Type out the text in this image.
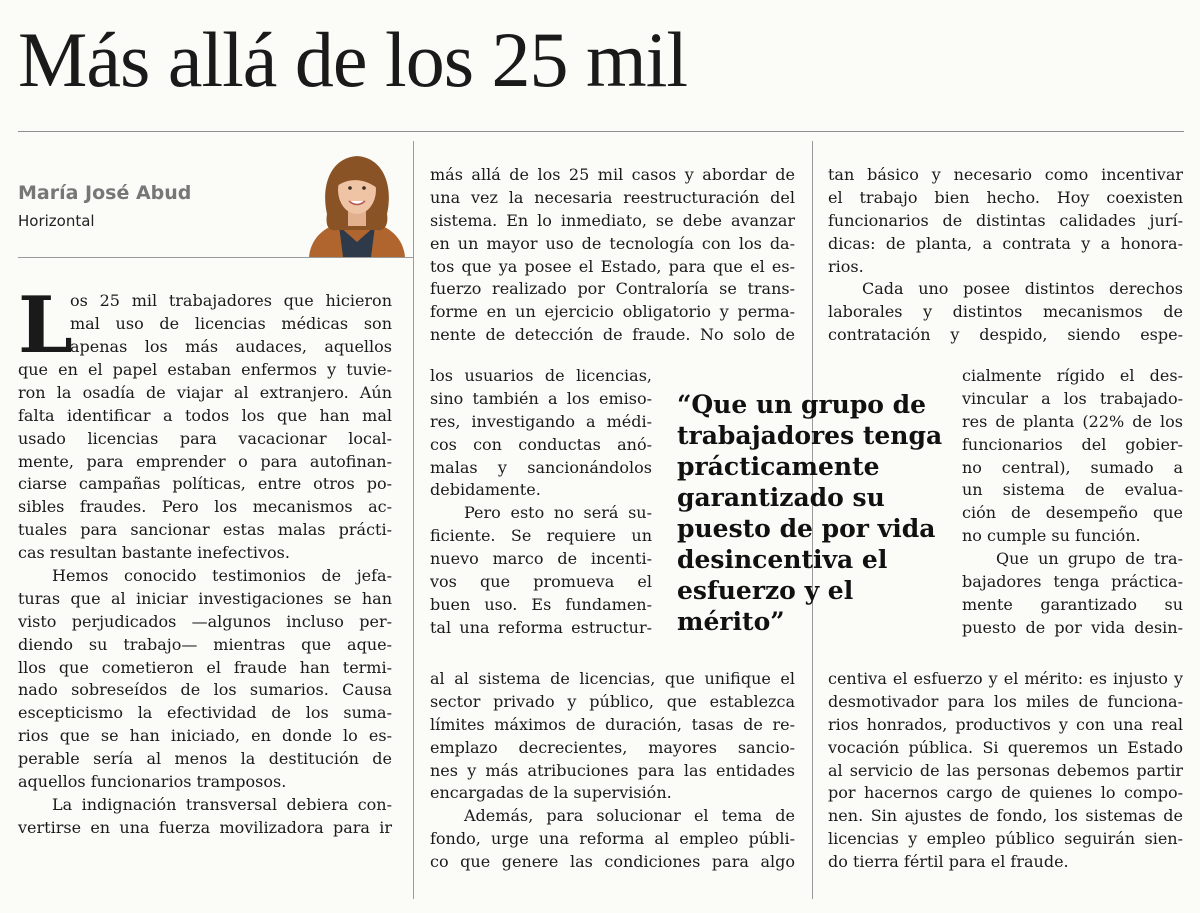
Más allá de los 25 mil
María José Abud
Horizontal
L
os 25 mil trabajadores que hicieron
mal uso de licencias médicas son
apenas los más audaces, aquellos
que en el papel estaban enfermos y tuvie-
ron la osadía de viajar al extranjero. Aún
falta identificar a todos los que han mal
usado licencias para vacacionar local-
mente, para emprender o para autofinan-
ciarse campañas políticas, entre otros po-
sibles fraudes. Pero los mecanismos ac-
tuales para sancionar estas malas prácti-
cas resultan bastante inefectivos.
Hemos conocido testimonios de jefa-
turas que al iniciar investigaciones se han
visto perjudicados —algunos incluso per-
diendo su trabajo— mientras que aque-
llos que cometieron el fraude han termi-
nado sobreseídos de los sumarios. Causa
escepticismo la efectividad de los suma-
rios que se han iniciado, en donde lo es-
perable sería al menos la destitución de
aquellos funcionarios tramposos.
La indignación transversal debiera con-
vertirse en una fuerza movilizadora para ir
más allá de los 25 mil casos y abordar de
una vez la necesaria reestructuración del
sistema. En lo inmediato, se debe avanzar
en un mayor uso de tecnología con los da-
tos que ya posee el Estado, para que el es-
fuerzo realizado por Contraloría se trans-
forme en un ejercicio obligatorio y perma-
nente de detección de fraude. No solo de
los usuarios de licencias,
sino también a los emiso-
res, investigando a médi-
cos con conductas anó-
malas y sancionándolos
debidamente.
Pero esto no será su-
ficiente. Se requiere un
nuevo marco de incenti-
vos que promueva el
buen uso. Es fundamen-
tal una reforma estructur-
al al sistema de licencias, que unifique el
sector privado y público, que establezca
límites máximos de duración, tasas de re-
emplazo decrecientes, mayores sancio-
nes y más atribuciones para las entidades
encargadas de la supervisión.
Además, para solucionar el tema de
fondo, urge una reforma al empleo públi-
co que genere las condiciones para algo
“Que un grupo de
trabajadores tenga
prácticamente
garantizado su
puesto de por vida
desincentiva el
esfuerzo y el
mérito”
tan básico y necesario como incentivar
el trabajo bien hecho. Hoy coexisten
funcionarios de distintas calidades jurí-
dicas: de planta, a contrata y a honora-
rios.
Cada uno posee distintos derechos
laborales y distintos mecanismos de
contratación y despido, siendo espe-
cialmente rígido el des-
vincular a los trabajado-
res de planta (22% de los
funcionarios del gobier-
no central), sumado a
un sistema de evalua-
ción de desempeño que
no cumple su función.
Que un grupo de tra-
bajadores tenga práctica-
mente garantizado su
puesto de por vida desin-
centiva el esfuerzo y el mérito: es injusto y
desmotivador para los miles de funciona-
rios honrados, productivos y con una real
vocación pública. Si queremos un Estado
al servicio de las personas debemos partir
por hacernos cargo de quienes lo compo-
nen. Sin ajustes de fondo, los sistemas de
licencias y empleo público seguirán sien-
do tierra fértil para el fraude.
